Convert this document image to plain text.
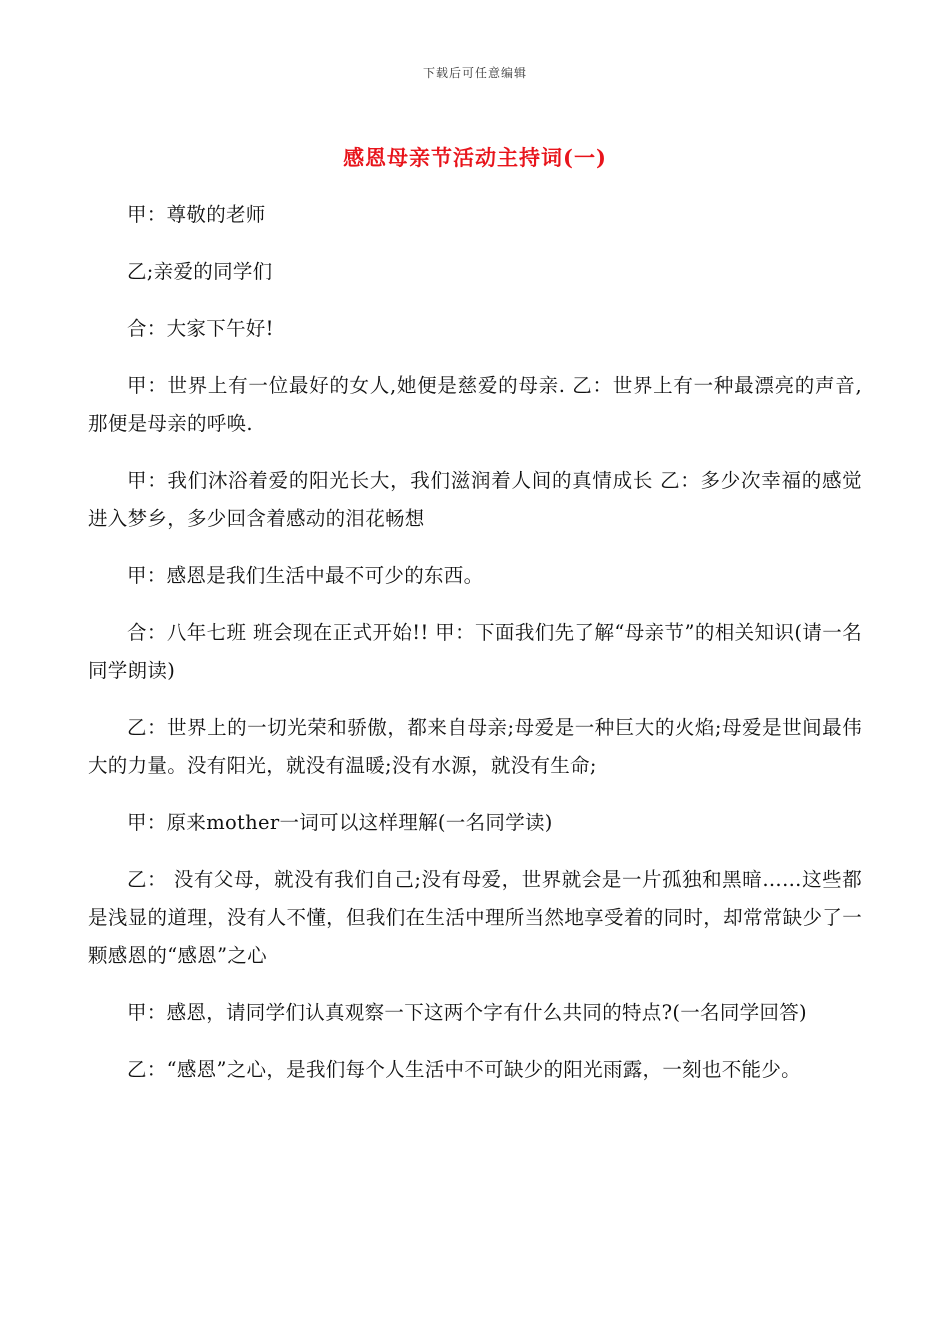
下载后可任意编辑
感恩母亲节活动主持词(一)

甲：尊敬的老师

乙;亲爱的同学们

合：大家下午好!

甲：世界上有一位最好的女人,她便是慈爱的母亲. 乙：世界上有一种最漂亮的声音,那便是母亲的呼唤.

甲：我们沐浴着爱的阳光长大，我们滋润着人间的真情成长 乙：多少次幸福的感觉进入梦乡，多少回含着感动的泪花畅想

甲：感恩是我们生活中最不可少的东西。

合：八年七班 班会现在正式开始!! 甲：下面我们先了解“母亲节”的相关知识(请一名同学朗读)

乙：世界上的一切光荣和骄傲，都来自母亲;母爱是一种巨大的火焰;母爱是世间最伟大的力量。没有阳光，就没有温暖;没有水源，就没有生命;

甲：原来mother一词可以这样理解(一名同学读)

乙： 没有父母，就没有我们自己;没有母爱，世界就会是一片孤独和黑暗……这些都是浅显的道理，没有人不懂，但我们在生活中理所当然地享受着的同时，却常常缺少了一颗感恩的“感恩”之心

甲：感恩，请同学们认真观察一下这两个字有什么共同的特点?(一名同学回答)

乙：“感恩”之心，是我们每个人生活中不可缺少的阳光雨露，一刻也不能少。
